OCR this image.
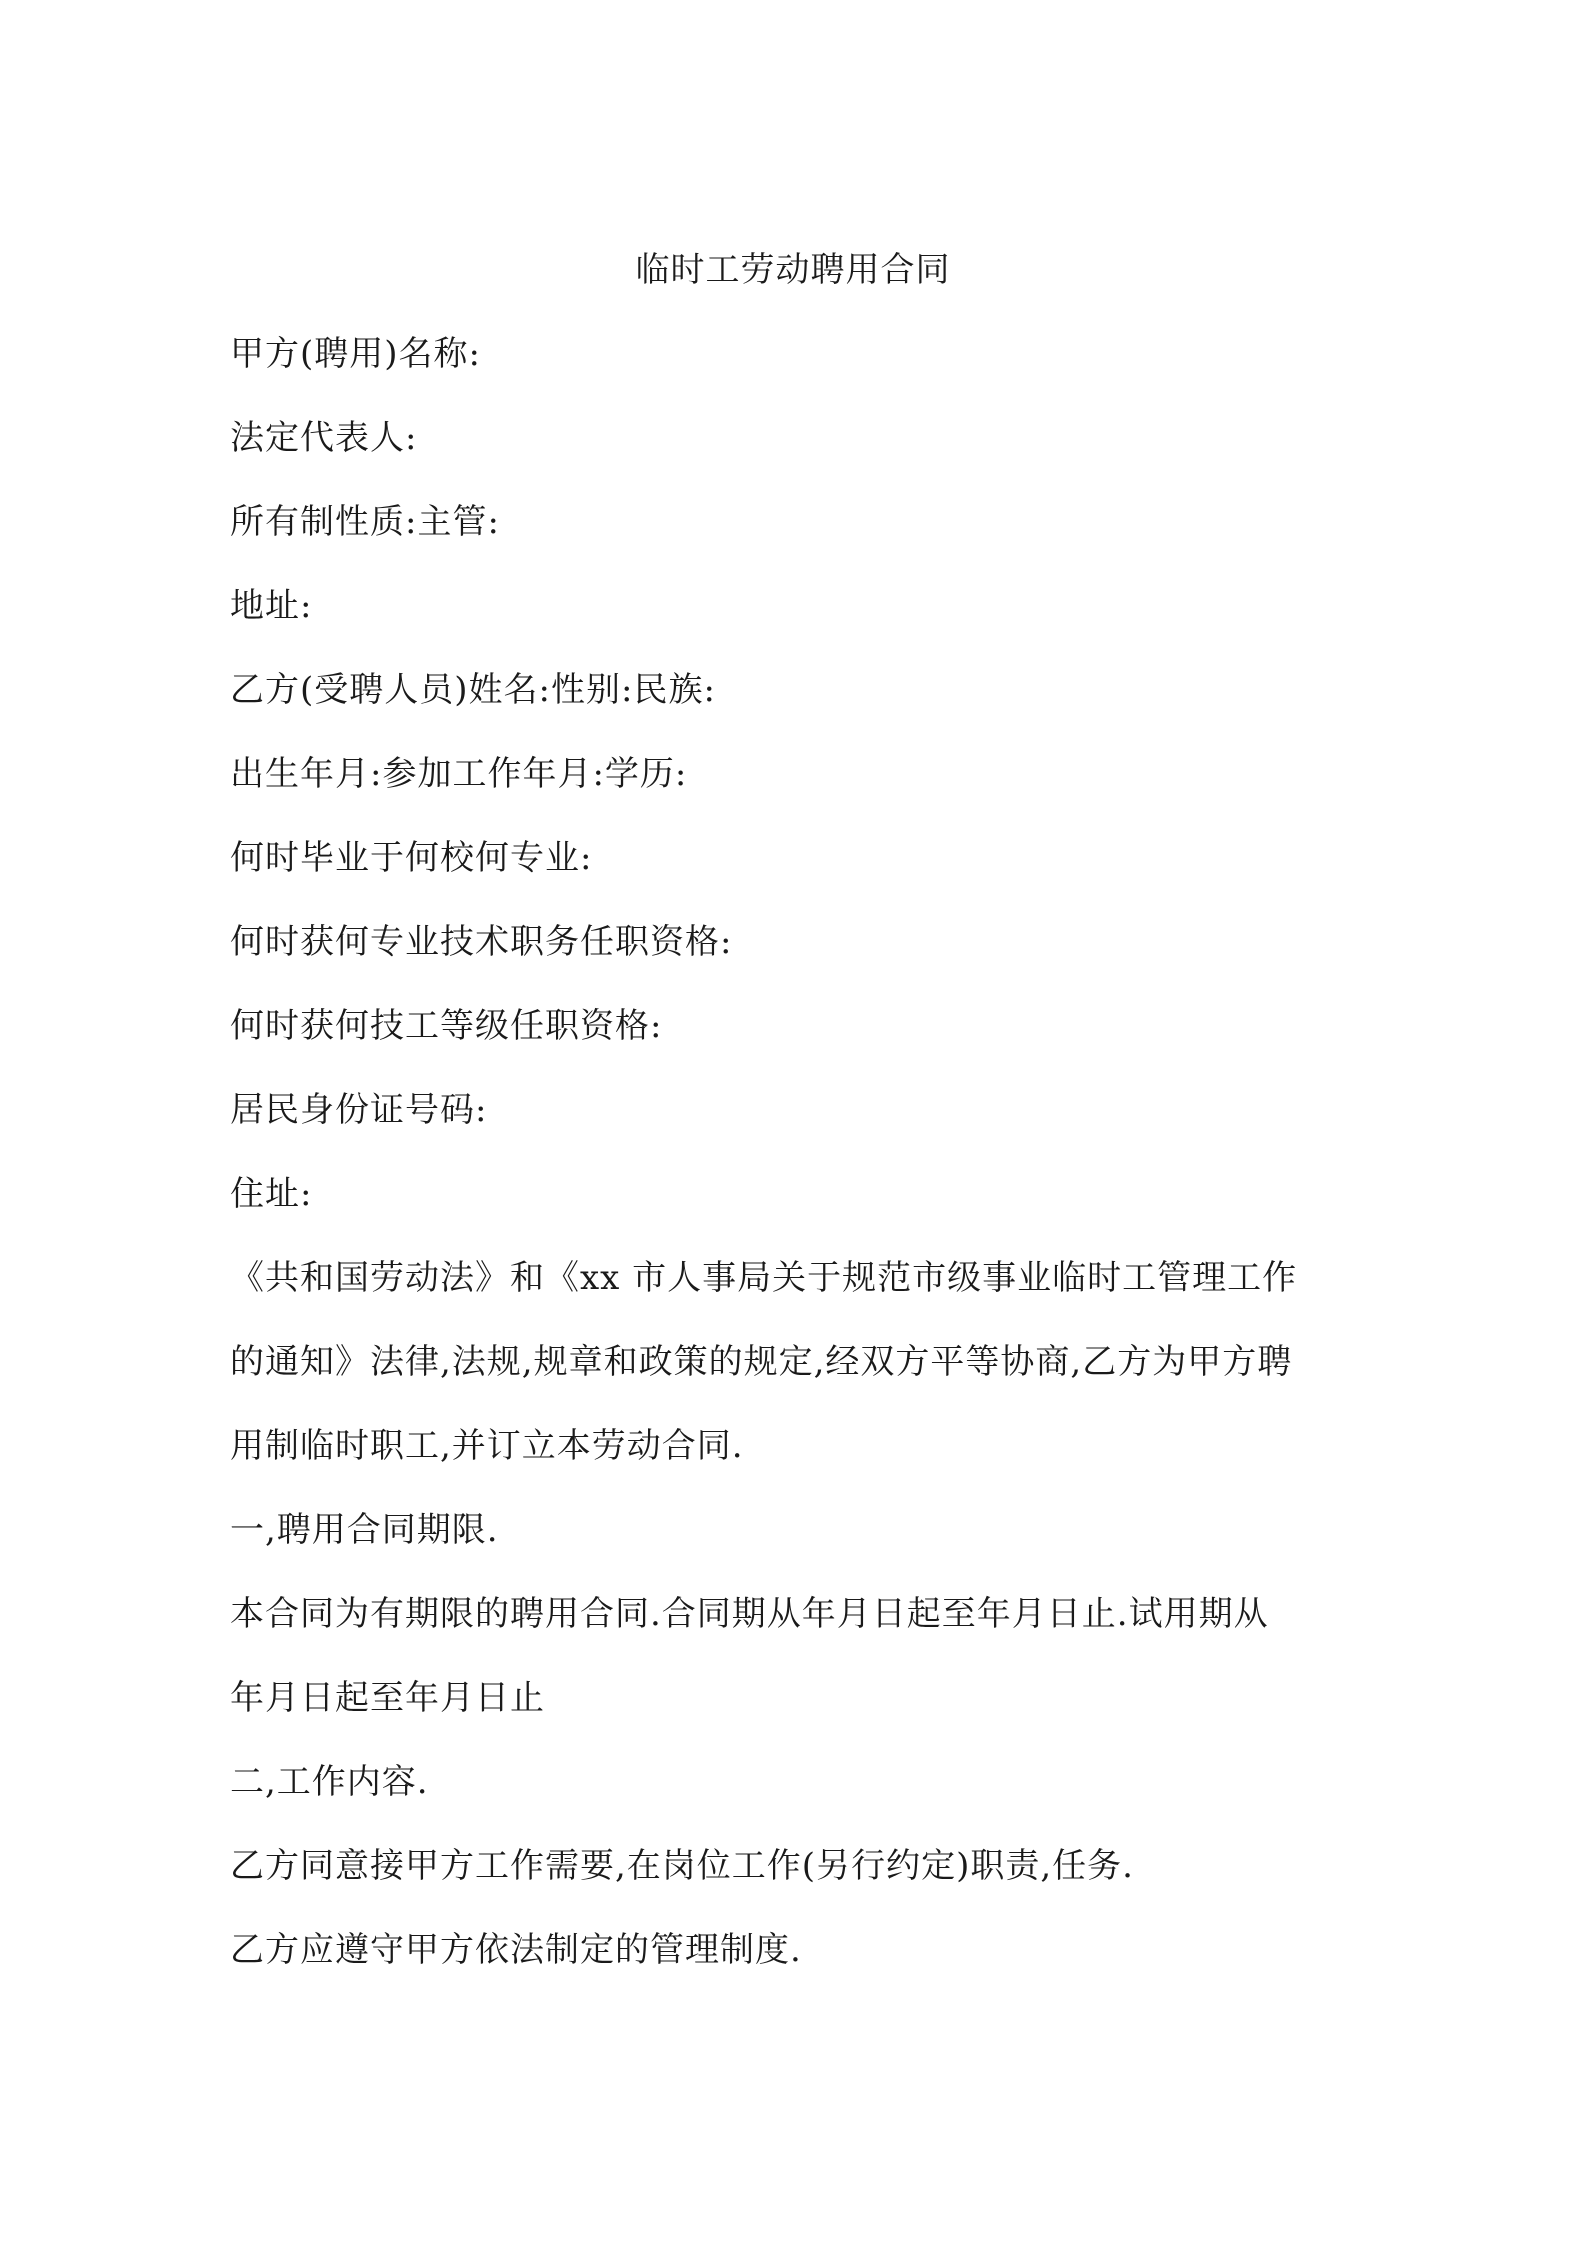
临时工劳动聘用合同
甲方(聘用)名称:
法定代表人:
所有制性质:主管:
地址:
乙方(受聘人员)姓名:性别:民族:
出生年月:参加工作年月:学历:
何时毕业于何校何专业:
何时获何专业技术职务任职资格:
何时获何技工等级任职资格:
居民身份证号码:
住址:
《共和国劳动法》和《xx 市人事局关于规范市级事业临时工管理工作
的通知》法律,法规,规章和政策的规定,经双方平等协商,乙方为甲方聘
用制临时职工,并订立本劳动合同.
一,聘用合同期限.
本合同为有期限的聘用合同.合同期从年月日起至年月日止.试用期从
年月日起至年月日止
二,工作内容.
乙方同意接甲方工作需要,在岗位工作(另行约定)职责,任务.
乙方应遵守甲方依法制定的管理制度.
